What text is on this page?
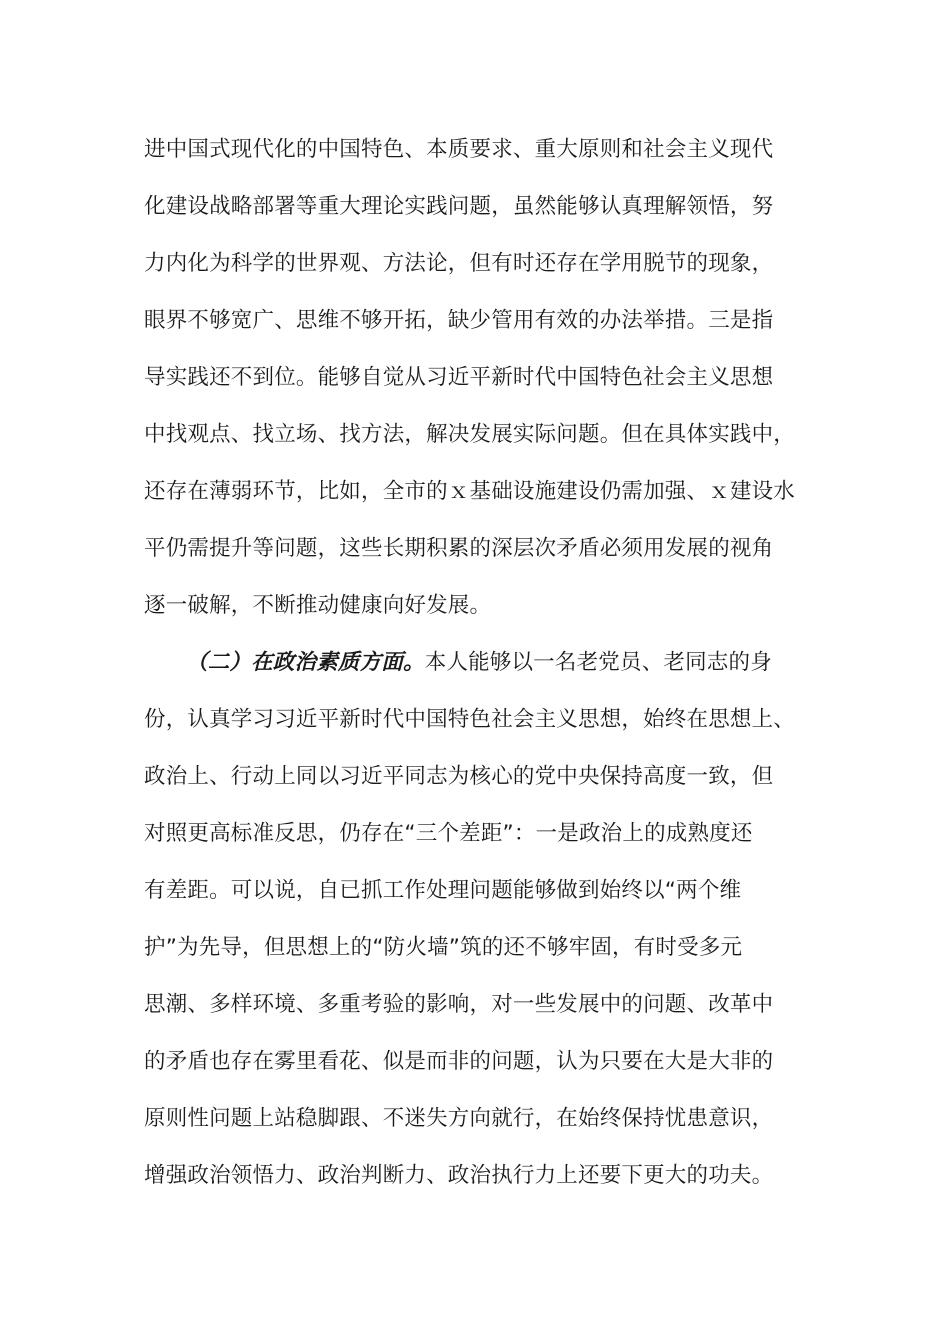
进中国式现代化的中国特色、本质要求、重大原则和社会主义现代
化建设战略部署等重大理论实践问题，虽然能够认真理解领悟，努
力内化为科学的世界观、方法论，但有时还存在学用脱节的现象，
眼界不够宽广、思维不够开拓，缺少管用有效的办法举措。三是指
导实践还不到位。能够自觉从习近平新时代中国特色社会主义思想
中找观点、找立场、找方法，解决发展实际问题。但在具体实践中，
还存在薄弱环节，比如，全市的ｘ基础设施建设仍需加强、ｘ建设水
平仍需提升等问题，这些长期积累的深层次矛盾必须用发展的视角
逐一破解，不断推动健康向好发展。
（二）在政治素质方面。本人能够以一名老党员、老同志的身
份，认真学习习近平新时代中国特色社会主义思想，始终在思想上、
政治上、行动上同以习近平同志为核心的党中央保持高度一致，但
对照更高标准反思，仍存在“三个差距”：一是政治上的成熟度还
有差距。可以说，自已抓工作处理问题能够做到始终以“两个维
护”为先导，但思想上的“防火墙”筑的还不够牢固，有时受多元
思潮、多样环境、多重考验的影响，对一些发展中的问题、改革中
的矛盾也存在雾里看花、似是而非的问题，认为只要在大是大非的
原则性问题上站稳脚跟、不迷失方向就行，在始终保持忧患意识，
增强政治领悟力、政治判断力、政治执行力上还要下更大的功夫。
